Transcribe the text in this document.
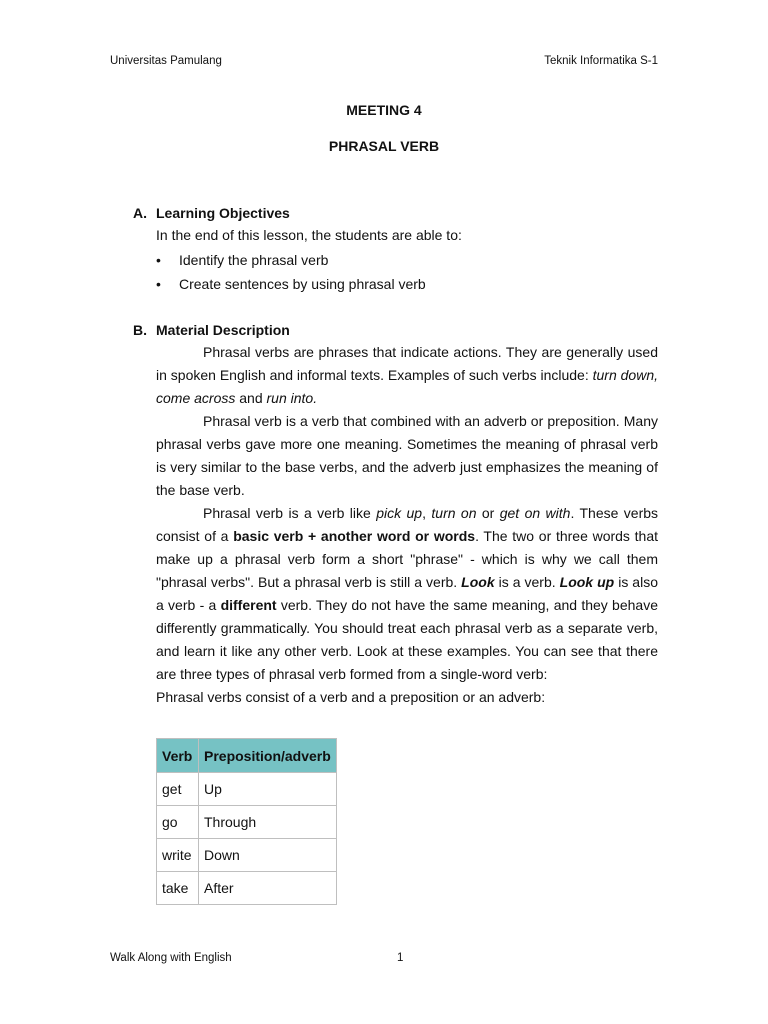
Universitas Pamulang	Teknik Informatika S-1
MEETING 4
PHRASAL VERB
A. Learning Objectives
In the end of this lesson, the students are able to:
• Identify the phrasal verb
• Create sentences by using phrasal verb
B. Material Description

Phrasal verbs are phrases that indicate actions. They are generally used in spoken English and informal texts. Examples of such verbs include: turn down, come across and run into.

Phrasal verb is a verb that combined with an adverb or preposition. Many phrasal verbs gave more one meaning. Sometimes the meaning of phrasal verb is very similar to the base verbs, and the adverb just emphasizes the meaning of the base verb.

Phrasal verb is a verb like pick up, turn on or get on with. These verbs consist of a basic verb + another word or words. The two or three words that make up a phrasal verb form a short "phrase" - which is why we call them "phrasal verbs". But a phrasal verb is still a verb. Look is a verb. Look up is also a verb - a different verb. They do not have the same meaning, and they behave differently grammatically. You should treat each phrasal verb as a separate verb, and learn it like any other verb. Look at these examples. You can see that there are three types of phrasal verb formed from a single-word verb:

Phrasal verbs consist of a verb and a preposition or an adverb:

Verb	Preposition/adverb
get	Up
go	Through
write	Down
take	After
Walk Along with English	1
